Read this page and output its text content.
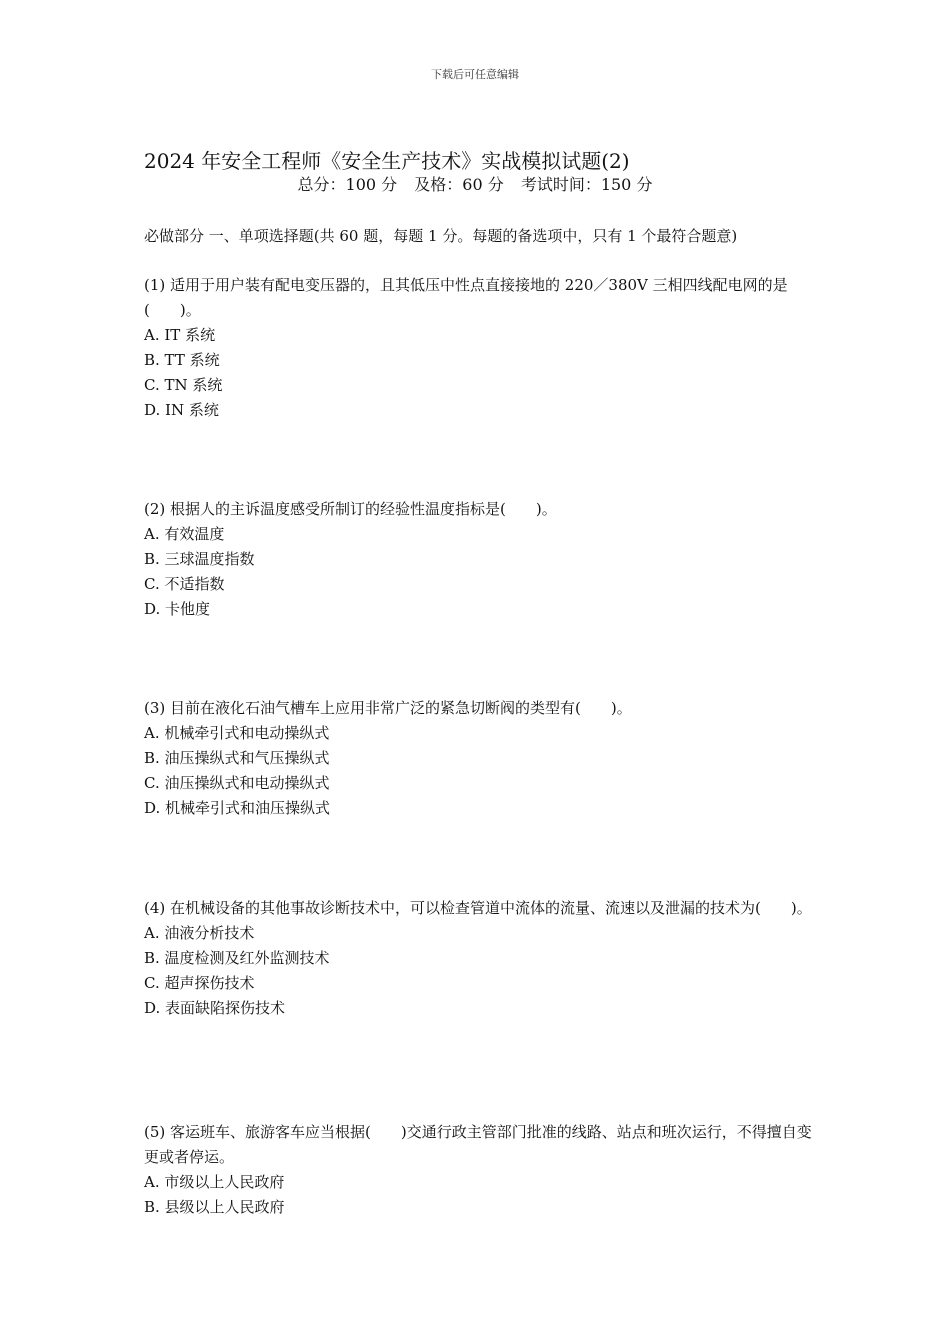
下载后可任意编辑
2024 年安全工程师《安全生产技术》实战模拟试题(2)
总分：100 分 及格：60 分 考试时间：150 分
必做部分 一、单项选择题(共 60 题，每题 1 分。每题的备选项中，只有 1 个最符合题意)

(1) 适用于用户装有配电变压器的，且其低压中性点直接接地的 220／380V 三相四线配电网的是(　　)。

A. IT 系统

B. TT 系统

C. TN 系统

D. IN 系统

(2) 根据人的主诉温度感受所制订的经验性温度指标是(　　)。

A. 有效温度

B. 三球温度指数

C. 不适指数

D. 卡他度

(3) 目前在液化石油气槽车上应用非常广泛的紧急切断阀的类型有(　　)。

A. 机械牵引式和电动操纵式

B. 油压操纵式和气压操纵式

C. 油压操纵式和电动操纵式

D. 机械牵引式和油压操纵式

(4) 在机械设备的其他事故诊断技术中，可以检查管道中流体的流量、流速以及泄漏的技术为(　　)。

A. 油液分析技术

B. 温度检测及红外监测技术

C. 超声探伤技术

D. 表面缺陷探伤技术

(5) 客运班车、旅游客车应当根据(　　)交通行政主管部门批准的线路、站点和班次运行，不得擅自变更或者停运。

A. 市级以上人民政府

B. 县级以上人民政府
